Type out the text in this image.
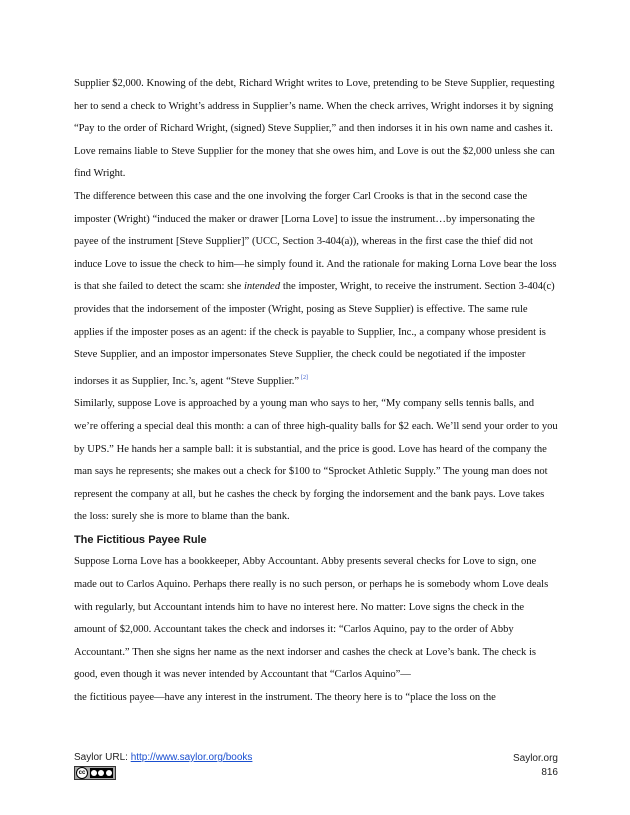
Supplier $2,000. Knowing of the debt, Richard Wright writes to Love, pretending to be Steve Supplier, requesting her to send a check to Wright’s address in Supplier’s name. When the check arrives, Wright indorses it by signing “Pay to the order of Richard Wright, (signed) Steve Supplier,” and then indorses it in his own name and cashes it. Love remains liable to Steve Supplier for the money that she owes him, and Love is out the $2,000 unless she can find Wright.

The difference between this case and the one involving the forger Carl Crooks is that in the second case the imposter (Wright) “induced the maker or drawer [Lorna Love] to issue the instrument…by impersonating the payee of the instrument [Steve Supplier]” (UCC, Section 3-404(a)), whereas in the first case the thief did not induce Love to issue the check to him—he simply found it. And the rationale for making Lorna Love bear the loss is that she failed to detect the scam: she intended the imposter, Wright, to receive the instrument. Section 3-404(c) provides that the indorsement of the imposter (Wright, posing as Steve Supplier) is effective. The same rule applies if the imposter poses as an agent: if the check is payable to Supplier, Inc., a company whose president is Steve Supplier, and an impostor impersonates Steve Supplier, the check could be negotiated if the imposter indorses it as Supplier, Inc.’s, agent “Steve Supplier.” [2]

Similarly, suppose Love is approached by a young man who says to her, “My company sells tennis balls, and we’re offering a special deal this month: a can of three high-quality balls for $2 each. We’ll send your order to you by UPS.” He hands her a sample ball: it is substantial, and the price is good. Love has heard of the company the man says he represents; she makes out a check for $100 to “Sprocket Athletic Supply.” The young man does not represent the company at all, but he cashes the check by forging the indorsement and the bank pays. Love takes the loss: surely she is more to blame than the bank.

The Fictitious Payee Rule

Suppose Lorna Love has a bookkeeper, Abby Accountant. Abby presents several checks for Love to sign, one made out to Carlos Aquino. Perhaps there really is no such person, or perhaps he is somebody whom Love deals with regularly, but Accountant intends him to have no interest here. No matter: Love signs the check in the amount of $2,000. Accountant takes the check and indorses it: “Carlos Aquino, pay to the order of Abby Accountant.” Then she signs her name as the next indorser and cashes the check at Love’s bank. The check is good, even though it was never intended by Accountant that “Carlos Aquino”—
the fictitious payee—have any interest in the instrument. The theory here is to “place the loss on the

Saylor URL: http://www.saylor.org/books
cc
Saylor.org
816
